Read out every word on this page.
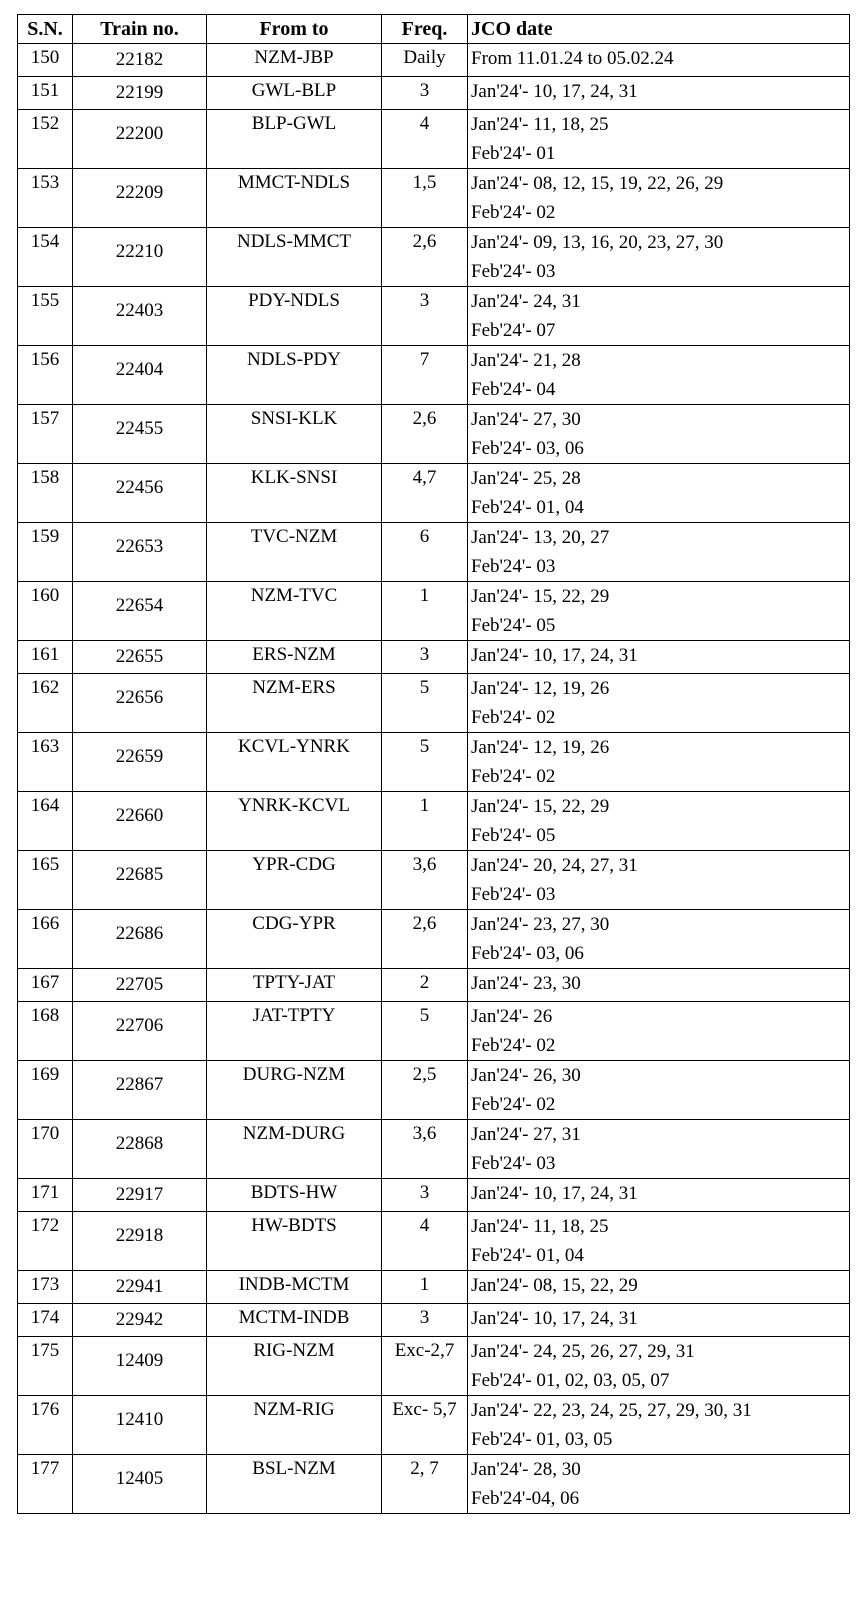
S.N.	Train no.	From to	Freq.	JCO date
150	22182	NZM-JBP	Daily	From 11.01.24 to 05.02.24

151	22199	GWL-BLP	3	Jan'24'- 10, 17, 24, 31

152	22200	BLP-GWL	4	Jan'24'- 11, 18, 25
Feb'24'- 01

153	22209	MMCT-NDLS	1,5	Jan'24'- 08, 12, 15, 19, 22, 26, 29
Feb'24'- 02

154	22210	NDLS-MMCT	2,6	Jan'24'- 09, 13, 16, 20, 23, 27, 30
Feb'24'- 03

155	22403	PDY-NDLS	3	Jan'24'- 24, 31
Feb'24'- 07

156	22404	NDLS-PDY	7	Jan'24'- 21, 28
Feb'24'- 04

157	22455	SNSI-KLK	2,6	Jan'24'- 27, 30
Feb'24'- 03, 06

158	22456	KLK-SNSI	4,7	Jan'24'- 25, 28
Feb'24'- 01, 04

159	22653	TVC-NZM	6	Jan'24'- 13, 20, 27
Feb'24'- 03

160	22654	NZM-TVC	1	Jan'24'- 15, 22, 29
Feb'24'- 05

161	22655	ERS-NZM	3	Jan'24'- 10, 17, 24, 31

162	22656	NZM-ERS	5	Jan'24'- 12, 19, 26
Feb'24'- 02

163	22659	KCVL-YNRK	5	Jan'24'- 12, 19, 26
Feb'24'- 02

164	22660	YNRK-KCVL	1	Jan'24'- 15, 22, 29
Feb'24'- 05

165	22685	YPR-CDG	3,6	Jan'24'- 20, 24, 27, 31
Feb'24'- 03

166	22686	CDG-YPR	2,6	Jan'24'- 23, 27, 30
Feb'24'- 03, 06

167	22705	TPTY-JAT	2	Jan'24'- 23, 30

168	22706	JAT-TPTY	5	Jan'24'- 26
Feb'24'- 02

169	22867	DURG-NZM	2,5	Jan'24'- 26, 30
Feb'24'- 02

170	22868	NZM-DURG	3,6	Jan'24'- 27, 31
Feb'24'- 03

171	22917	BDTS-HW	3	Jan'24'- 10, 17, 24, 31

172	22918	HW-BDTS	4	Jan'24'- 11, 18, 25
Feb'24'- 01, 04

173	22941	INDB-MCTM	1	Jan'24'- 08, 15, 22, 29

174	22942	MCTM-INDB	3	Jan'24'- 10, 17, 24, 31

175	12409	RIG-NZM	Exc-2,7	Jan'24'- 24, 25, 26, 27, 29, 31
Feb'24'- 01, 02, 03, 05, 07

176	12410	NZM-RIG	Exc- 5,7	Jan'24'- 22, 23, 24, 25, 27, 29, 30, 31
Feb'24'- 01, 03, 05

177	12405	BSL-NZM	2, 7	Jan'24'- 28, 30
Feb'24'-04, 06
